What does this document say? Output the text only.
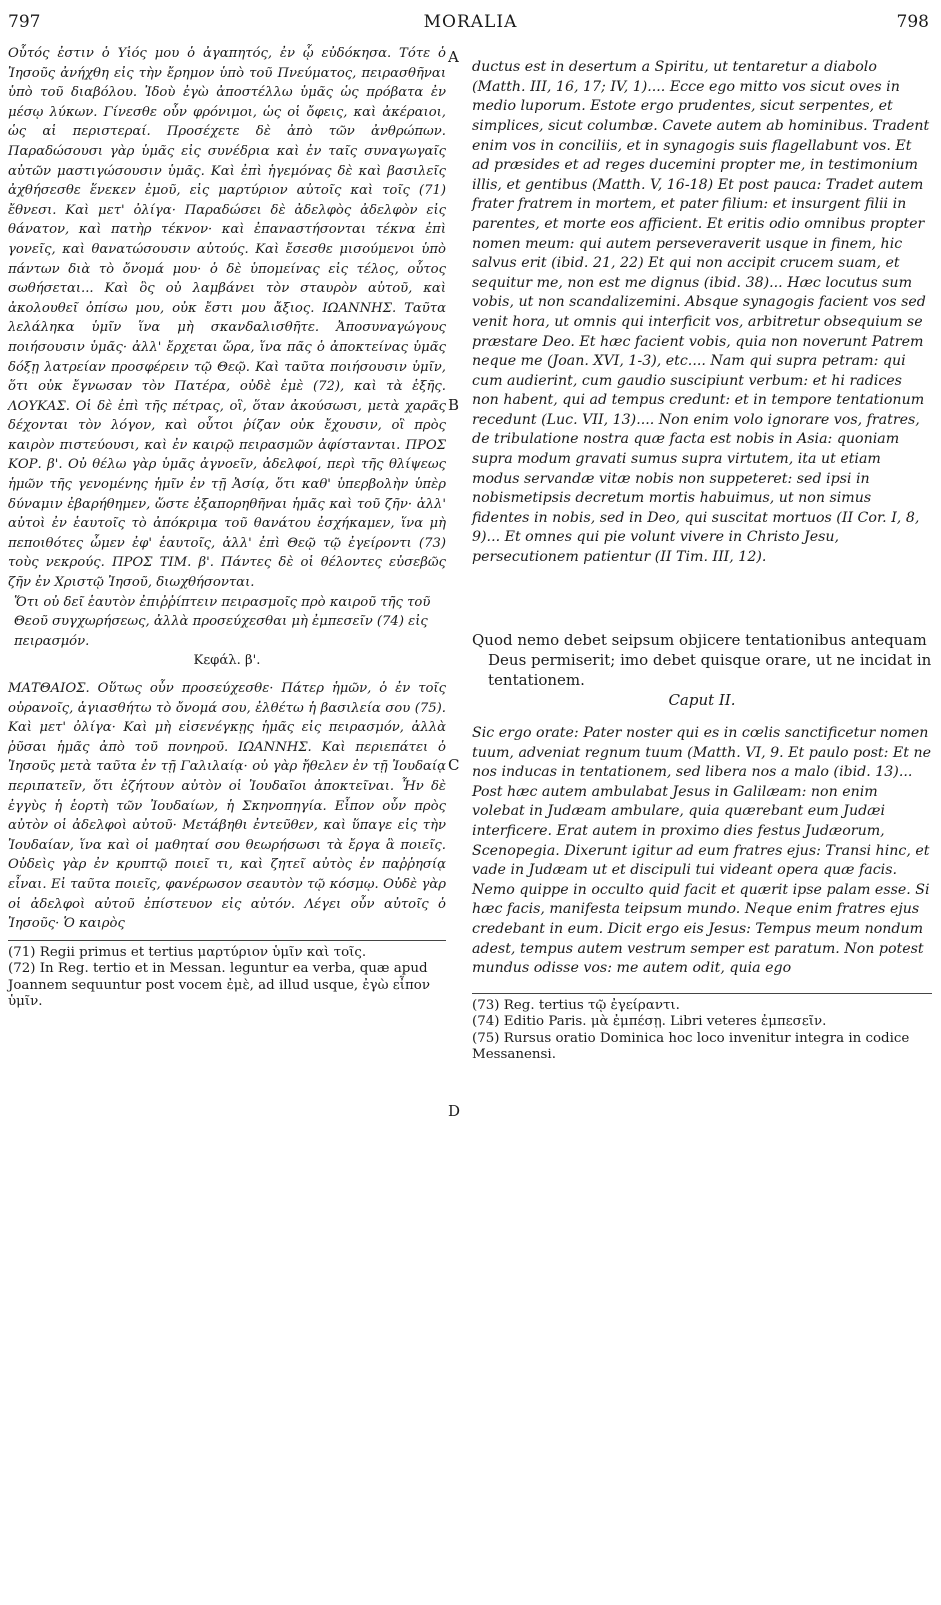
797	MORALIA	798
A
B
C
D

Οὗτός ἐστιν ὁ Υἱός μου ὁ ἀγαπητός, ἐν ᾧ εὐδόκησα. Τότε ὁ Ἰησοῦς ἀνήχθη εἰς τὴν ἔρημον ὑπὸ τοῦ Πνεύματος, πειρασθῆναι ὑπὸ τοῦ διαβόλου. Ἰδοὺ ἐγὼ ἀποστέλλω ὑμᾶς ὡς πρόβατα ἐν μέσῳ λύκων. Γίνεσθε οὖν φρόνιμοι, ὡς οἱ ὄφεις, καὶ ἀκέραιοι, ὡς αἱ περιστεραί. Προσέχετε δὲ ἀπὸ τῶν ἀνθρώπων. Παραδώσουσι γὰρ ὑμᾶς εἰς συνέδρια καὶ ἐν ταῖς συναγωγαῖς αὐτῶν μαστιγώσουσιν ὑμᾶς. Καὶ ἐπὶ ἡγεμόνας δὲ καὶ βασιλεῖς ἀχθήσεσθε ἕνεκεν ἐμοῦ, εἰς μαρτύριον αὐτοῖς καὶ τοῖς (71) ἔθνεσι. Καὶ μετ' ὀλίγα· Παραδώσει δὲ ἀδελφὸς ἀδελφὸν εἰς θάνατον, καὶ πατὴρ τέκνον· καὶ ἐπαναστήσονται τέκνα ἐπὶ γονεῖς, καὶ θανατώσουσιν αὐτούς. Καὶ ἔσεσθε μισούμενοι ὑπὸ πάντων διὰ τὸ ὄνομά μου· ὁ δὲ ὑπομείνας εἰς τέλος, οὗτος σωθήσεται... Καὶ ὃς οὐ λαμβάνει τὸν σταυρὸν αὐτοῦ, καὶ ἀκολουθεῖ ὀπίσω μου, οὐκ ἔστι μου ἄξιος. ΙΩΑΝΝΗΣ. Ταῦτα λελάληκα ὑμῖν ἵνα μὴ σκανδαλισθῆτε. Ἀποσυναγώγους ποιήσουσιν ὑμᾶς· ἀλλ' ἔρχεται ὥρα, ἵνα πᾶς ὁ ἀποκτείνας ὑμᾶς δόξῃ λατρείαν προσφέρειν τῷ Θεῷ. Καὶ ταῦτα ποιήσουσιν ὑμῖν, ὅτι οὐκ ἔγνωσαν τὸν Πατέρα, οὐδὲ ἐμὲ (72), καὶ τὰ ἑξῆς. ΛΟΥΚΑΣ. Οἱ δὲ ἐπὶ τῆς πέτρας, οἳ, ὅταν ἀκούσωσι, μετὰ χαρᾶς δέχονται τὸν λόγον, καὶ οὗτοι ῥίζαν οὐκ ἔχουσιν, οἳ πρὸς καιρὸν πιστεύουσι, καὶ ἐν καιρῷ πειρασμῶν ἀφίστανται. ΠΡΟΣ ΚΟΡ. β'. Οὐ θέλω γὰρ ὑμᾶς ἀγνοεῖν, ἀδελφοί, περὶ τῆς θλίψεως ἡμῶν τῆς γενομένης ἡμῖν ἐν τῇ Ἀσίᾳ, ὅτι καθ' ὑπερβολὴν ὑπὲρ δύναμιν ἐβαρήθημεν, ὥστε ἐξαπορηθῆναι ἡμᾶς καὶ τοῦ ζῆν· ἀλλ' αὐτοὶ ἐν ἑαυτοῖς τὸ ἀπόκριμα τοῦ θανάτου ἐσχήκαμεν, ἵνα μὴ πεποιθότες ὦμεν ἐφ' ἑαυτοῖς, ἀλλ' ἐπὶ Θεῷ τῷ ἐγείροντι (73) τοὺς νεκρούς. ΠΡΟΣ ΤΙΜ. β'. Πάντες δὲ οἱ θέλοντες εὐσεβῶς ζῆν ἐν Χριστῷ Ἰησοῦ, διωχθήσονται.

Ὅτι οὐ δεῖ ἑαυτὸν ἐπιῤῥίπτειν πειρασμοῖς πρὸ καιροῦ τῆς τοῦ Θεοῦ συγχωρήσεως, ἀλλὰ προσεύχεσθαι μὴ ἐμπεσεῖν (74) εἰς πειρασμόν.
Κεφάλ. β'.

ΜΑΤΘΑΙΟΣ. Οὕτως οὖν προσεύχεσθε· Πάτερ ἡμῶν, ὁ ἐν τοῖς οὐρανοῖς, ἁγιασθήτω τὸ ὄνομά σου, ἐλθέτω ἡ βασιλεία σου (75). Καὶ μετ' ὀλίγα· Καὶ μὴ εἰσενέγκῃς ἡμᾶς εἰς πειρασμόν, ἀλλὰ ῥῦσαι ἡμᾶς ἀπὸ τοῦ πονηροῦ. ΙΩΑΝΝΗΣ. Καὶ περιεπάτει ὁ Ἰησοῦς μετὰ ταῦτα ἐν τῇ Γαλιλαίᾳ· οὐ γὰρ ἤθελεν ἐν τῇ Ἰουδαίᾳ περιπατεῖν, ὅτι ἐζήτουν αὐτὸν οἱ Ἰουδαῖοι ἀποκτεῖναι. Ἦν δὲ ἐγγὺς ἡ ἑορτὴ τῶν Ἰουδαίων, ἡ Σκηνοπηγία. Εἶπον οὖν πρὸς αὐτὸν οἱ ἀδελφοὶ αὐτοῦ· Μετάβηθι ἐντεῦθεν, καὶ ὕπαγε εἰς τὴν Ἰουδαίαν, ἵνα καὶ οἱ μαθηταί σου θεωρήσωσι τὰ ἔργα ἃ ποιεῖς. Οὐδεὶς γὰρ ἐν κρυπτῷ ποιεῖ τι, καὶ ζητεῖ αὐτὸς ἐν παῤῥησίᾳ εἶναι. Εἰ ταῦτα ποιεῖς, φανέρωσον σεαυτὸν τῷ κόσμῳ. Οὐδὲ γὰρ οἱ ἀδελφοὶ αὐτοῦ ἐπίστευον εἰς αὐτόν. Λέγει οὖν αὐτοῖς ὁ Ἰησοῦς· Ὁ καιρὸς

(71) Regii primus et tertius μαρτύριον ὑμῖν καὶ τοῖς.

(72) In Reg. tertio et in Messan. leguntur ea verba, quæ apud Joannem sequuntur post vocem ἐμὲ, ad illud usque, ἐγὼ εἶπον ὑμῖν.

ductus est in desertum a Spiritu, ut tentaretur a diabolo (Matth. III, 16, 17; IV, 1).... Ecce ego mitto vos sicut oves in medio luporum. Estote ergo prudentes, sicut serpentes, et simplices, sicut columbæ. Cavete autem ab hominibus. Tradent enim vos in conciliis, et in synagogis suis flagellabunt vos. Et ad præsides et ad reges ducemini propter me, in testimonium illis, et gentibus (Matth. V, 16-18) Et post pauca: Tradet autem frater fratrem in mortem, et pater filium: et insurgent filii in parentes, et morte eos afficient. Et eritis odio omnibus propter nomen meum: qui autem perseveraverit usque in finem, hic salvus erit (ibid. 21, 22) Et qui non accipit crucem suam, et sequitur me, non est me dignus (ibid. 38)... Hæc locutus sum vobis, ut non scandalizemini. Absque synagogis facient vos sed venit hora, ut omnis qui interficit vos, arbitretur obsequium se præstare Deo. Et hæc facient vobis, quia non noverunt Patrem neque me (Joan. XVI, 1-3), etc.... Nam qui supra petram: qui cum audierint, cum gaudio suscipiunt verbum: et hi radices non habent, qui ad tempus credunt: et in tempore tentationum recedunt (Luc. VII, 13).... Non enim volo ignorare vos, fratres, de tribulatione nostra quæ facta est nobis in Asia: quoniam supra modum gravati sumus supra virtutem, ita ut etiam modus servandæ vitæ nobis non suppeteret: sed ipsi in nobismetipsis decretum mortis habuimus, ut non simus fidentes in nobis, sed in Deo, qui suscitat mortuos (II Cor. I, 8, 9)... Et omnes qui pie volunt vivere in Christo Jesu, persecutionem patientur (II Tim. III, 12).

Quod nemo debet seipsum objicere tentationibus antequam Deus permiserit; imo debet quisque orare, ut ne incidat in tentationem.
Caput II.

Sic ergo orate: Pater noster qui es in cœlis sanctificetur nomen tuum, adveniat regnum tuum (Matth. VI, 9. Et paulo post: Et ne nos inducas in tentationem, sed libera nos a malo (ibid. 13)... Post hæc autem ambulabat Jesus in Galilæam: non enim volebat in Judæam ambulare, quia quærebant eum Judæi interficere. Erat autem in proximo dies festus Judæorum, Scenopegia. Dixerunt igitur ad eum fratres ejus: Transi hinc, et vade in Judæam ut et discipuli tui videant opera quæ facis. Nemo quippe in occulto quid facit et quærit ipse palam esse. Si hæc facis, manifesta teipsum mundo. Neque enim fratres ejus credebant in eum. Dicit ergo eis Jesus: Tempus meum nondum adest, tempus autem vestrum semper est paratum. Non potest mundus odisse vos: me autem odit, quia ego

(73) Reg. tertius τῷ ἐγείραντι.

(74) Editio Paris. μὰ ἐμπέσῃ. Libri veteres ἐμπεσεῖν.

(75) Rursus oratio Dominica hoc loco invenitur integra in codice Messanensi.
